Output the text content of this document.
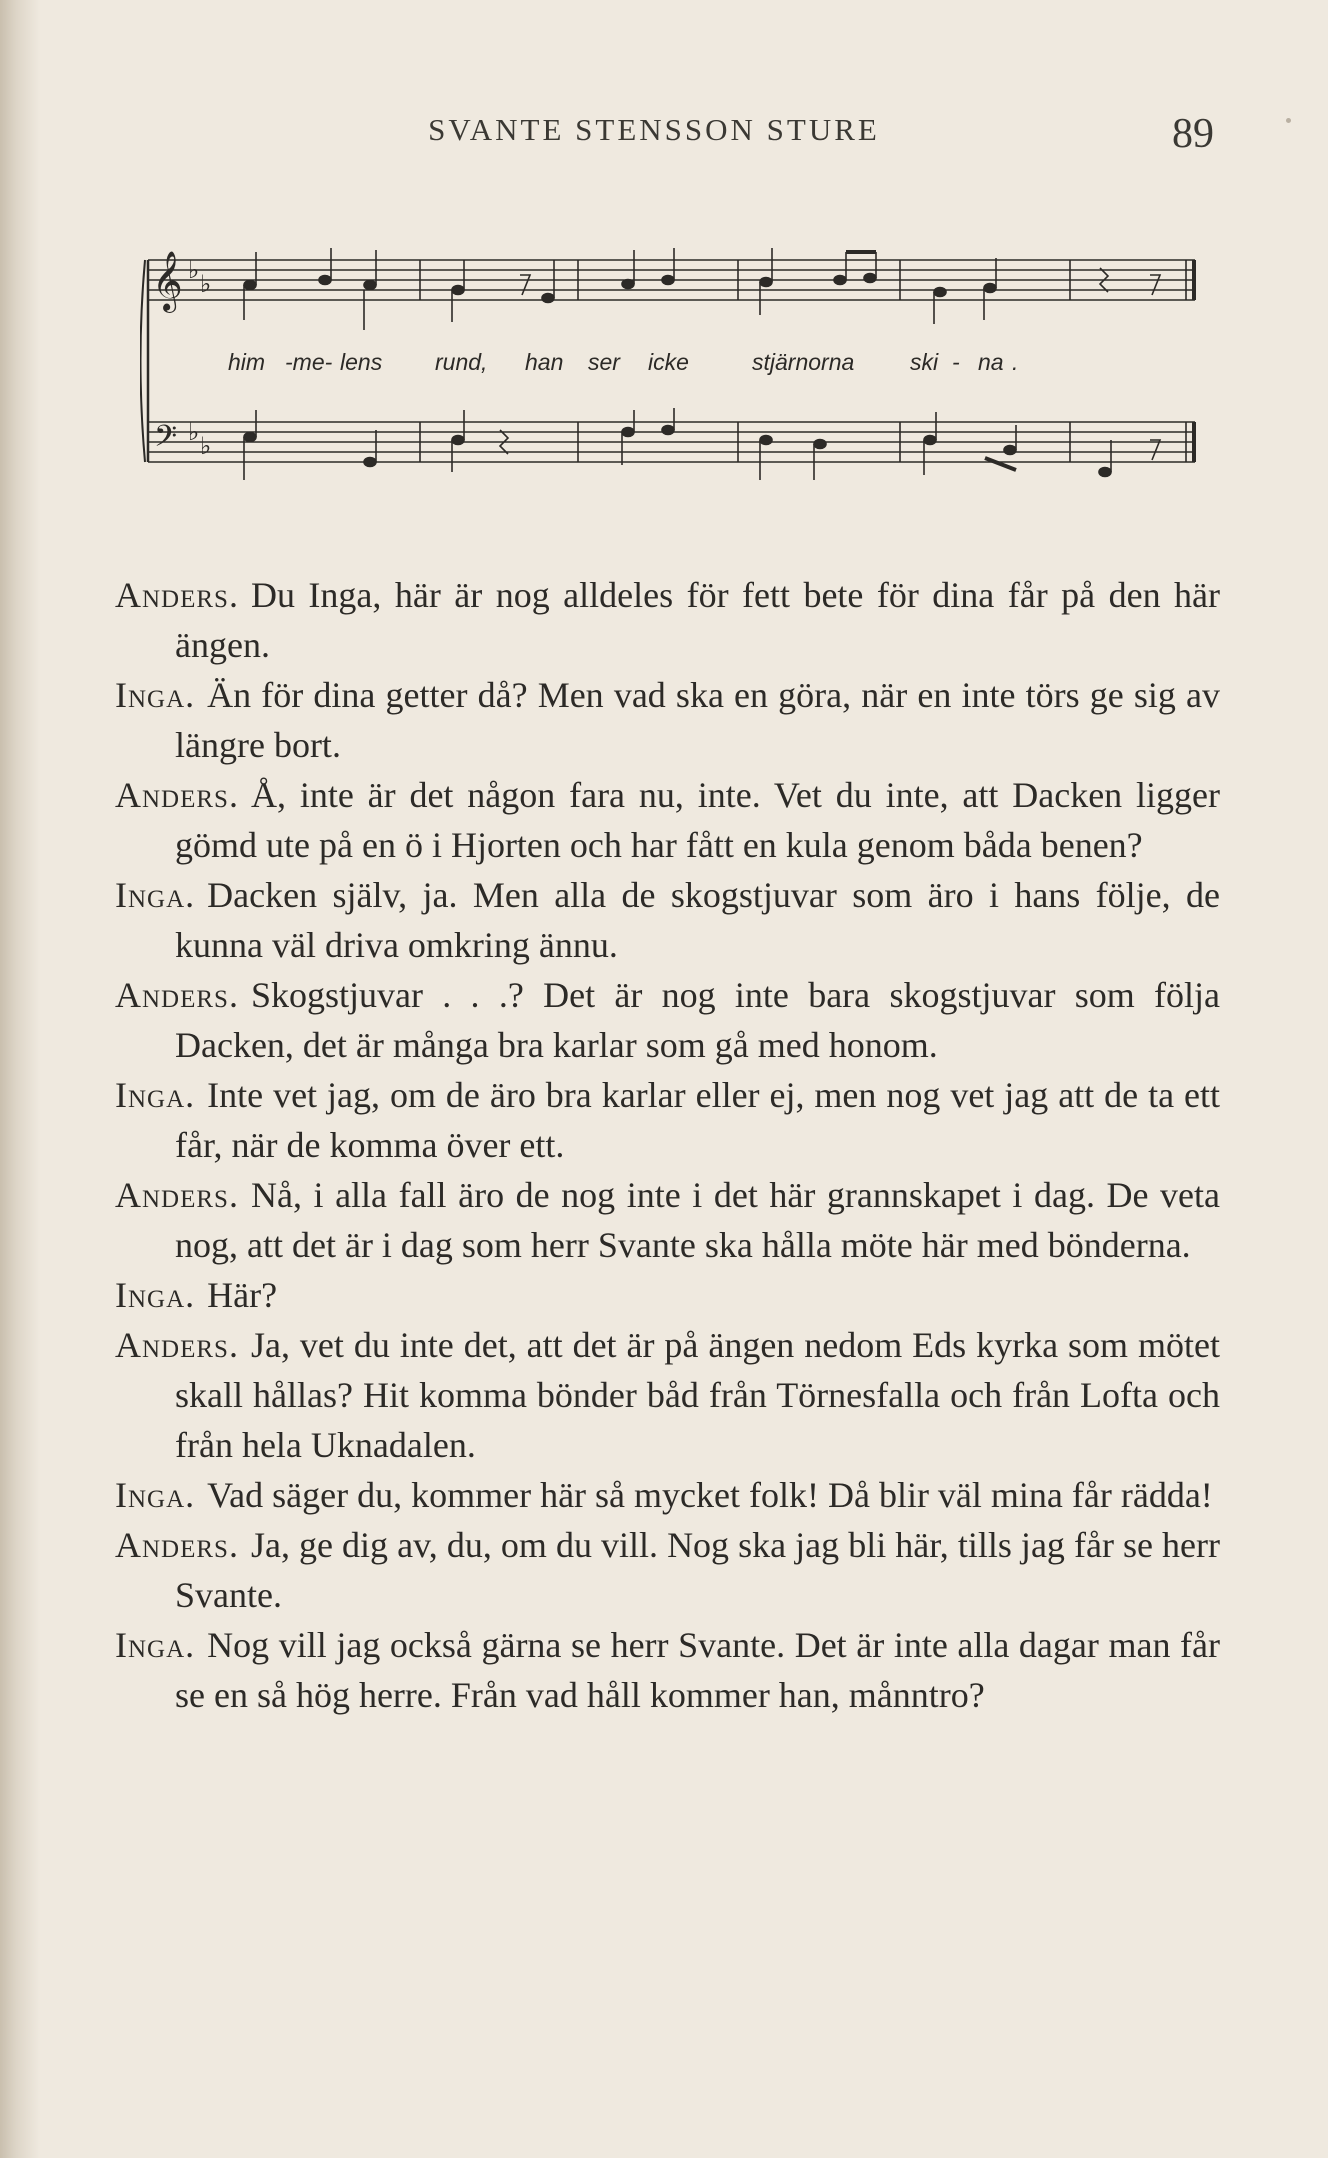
SVANTE STENSSON STURE	89
𝄞
𝄢
♭
♭
♭
♭
him -me- lens rund, han ser icke	stjärnorna ski - na .

Anders. Du Inga, här är nog alldeles för fett bete för dina får på den här ängen.

Inga. Än för dina getter då? Men vad ska en göra, när en inte törs ge sig av längre bort.

Anders. Å, inte är det någon fara nu, inte. Vet du inte, att Dacken ligger gömd ute på en ö i Hjorten och har fått en kula genom båda benen?

Inga. Dacken själv, ja. Men alla de skogstjuvar som äro i hans följe, de kunna väl driva omkring ännu.

Anders. Skogstjuvar . . .? Det är nog inte bara skogstjuvar som följa Dacken, det är många bra karlar som gå med honom.

Inga. Inte vet jag, om de äro bra karlar eller ej, men nog vet jag att de ta ett får, när de komma över ett.

Anders. Nå, i alla fall äro de nog inte i det här grannskapet i dag. De veta nog, att det är i dag som herr Svante ska hålla möte här med bönderna.

Inga. Här?

Anders. Ja, vet du inte det, att det är på ängen nedom Eds kyrka som mötet skall hållas? Hit komma bönder båd från Törnesfalla och från Lofta och från hela Uknadalen.

Inga. Vad säger du, kommer här så mycket folk! Då blir väl mina får rädda!

Anders. Ja, ge dig av, du, om du vill. Nog ska jag bli här, tills jag får se herr Svante.

Inga. Nog vill jag också gärna se herr Svante. Det är inte alla dagar man får se en så hög herre. Från vad håll kommer han, månntro?
